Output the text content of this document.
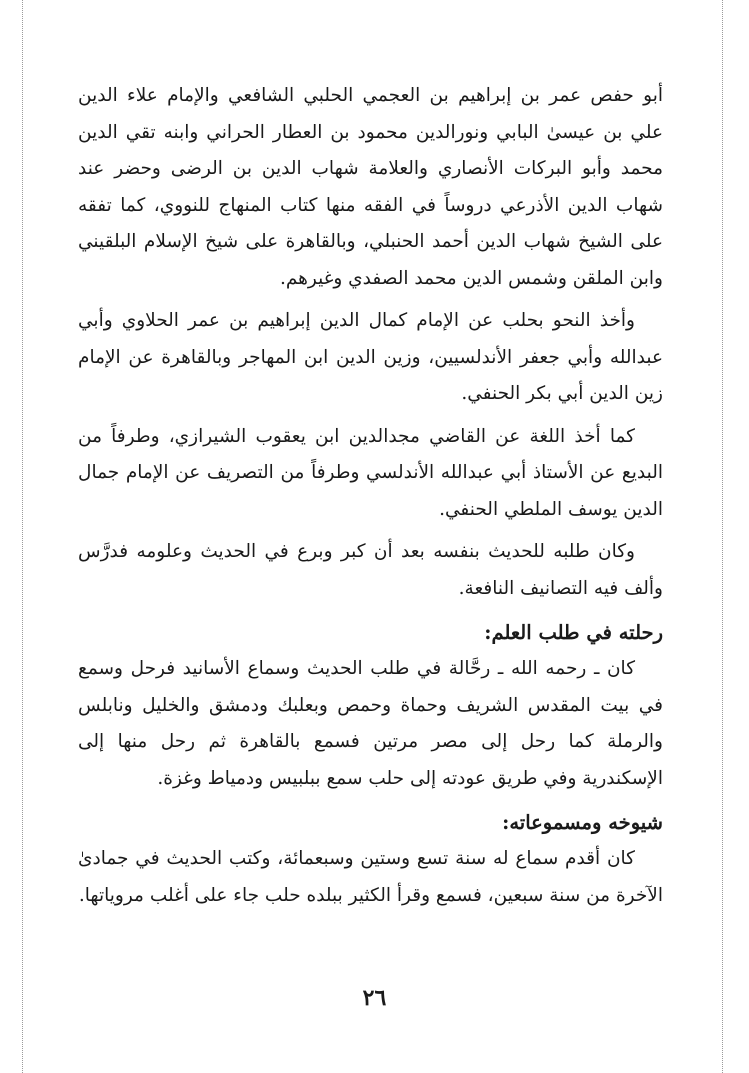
أبو حفص عمر بن إبراهيم بن العجمي الحلبي الشافعي والإمام علاء الدين علي بن عيسىٰ البابي ونورالدين محمود بن العطار الحراني وابنه تقي الدين محمد وأبو البركات الأنصاري والعلامة شهاب الدين بن الرضى وحضر عند شهاب الدين الأذرعي دروساً في الفقه منها كتاب المنهاج للنووي، كما تفقه على الشيخ شهاب الدين أحمد الحنبلي، وبالقاهرة على شيخ الإسلام البلقيني وابن الملقن وشمس الدين محمد الصفدي وغيرهم.

وأخذ النحو بحلب عن الإمام كمال الدين إبراهيم بن عمر الحلاوي وأبي عبدالله وأبي جعفر الأندلسيين، وزين الدين ابن المهاجر وبالقاهرة عن الإمام زين الدين أبي بكر الحنفي.

كما أخذ اللغة عن القاضي مجدالدين ابن يعقوب الشيرازي، وطرفاً من البديع عن الأستاذ أبي عبدالله الأندلسي وطرفاً من التصريف عن الإمام جمال الدين يوسف الملطي الحنفي.

وكان طلبه للحديث بنفسه بعد أن كبر وبرع في الحديث وعلومه فدرَّس وألف فيه التصانيف النافعة.

رحلته في طلب العلم:

كان ـ رحمه الله ـ رحَّالة في طلب الحديث وسماع الأسانيد فرحل وسمع في بيت المقدس الشريف وحماة وحمص وبعلبك ودمشق والخليل ونابلس والرملة كما رحل إلى مصر مرتين فسمع بالقاهرة ثم رحل منها إلى الإسكندرية وفي طريق عودته إلى حلب سمع ببلبيس ودمياط وغزة.

شيوخه ومسموعاته:

كان أقدم سماع له سنة تسع وستين وسبعمائة، وكتب الحديث في جمادىٰ الآخرة من سنة سبعين، فسمع وقرأ الكثير ببلده حلب جاء على أغلب مروياتها.

٢٦
